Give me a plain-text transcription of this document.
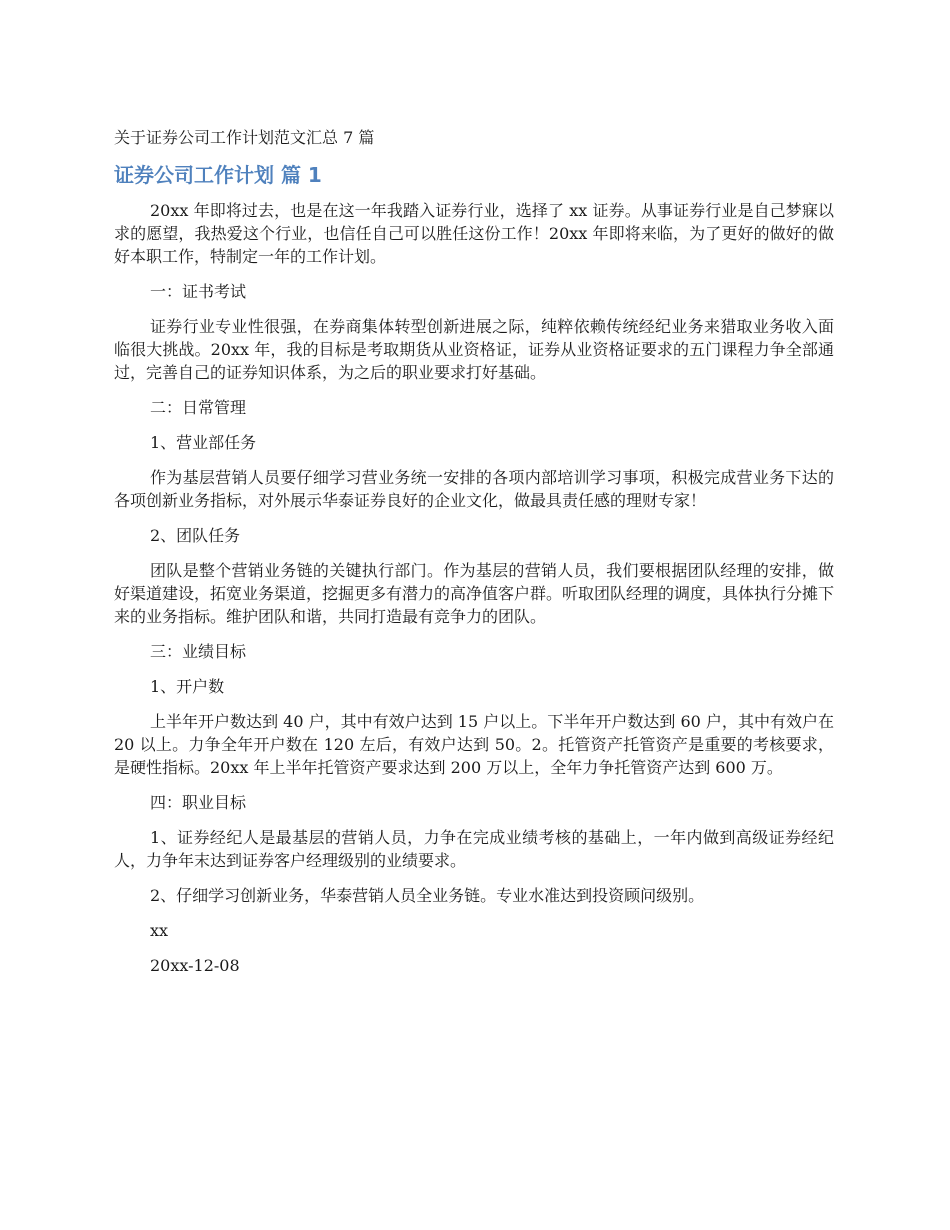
关于证券公司工作计划范文汇总 7 篇
证券公司工作计划 篇 1

20xx 年即将过去，也是在这一年我踏入证券行业，选择了 xx 证券。从事证券行业是自己梦寐以求的愿望，我热爱这个行业，也信任自己可以胜任这份工作！20xx 年即将来临，为了更好的做好的做好本职工作，特制定一年的工作计划。

一：证书考试

证券行业专业性很强，在券商集体转型创新进展之际，纯粹依赖传统经纪业务来猎取业务收入面临很大挑战。20xx 年，我的目标是考取期货从业资格证，证券从业资格证要求的五门课程力争全部通过，完善自己的证券知识体系，为之后的职业要求打好基础。

二：日常管理

1、营业部任务

作为基层营销人员要仔细学习营业务统一安排的各项内部培训学习事项，积极完成营业务下达的各项创新业务指标，对外展示华泰证券良好的企业文化，做最具责任感的理财专家！

2、团队任务

团队是整个营销业务链的关键执行部门。作为基层的营销人员，我们要根据团队经理的安排，做好渠道建设，拓宽业务渠道，挖掘更多有潜力的高净值客户群。听取团队经理的调度，具体执行分摊下来的业务指标。维护团队和谐，共同打造最有竞争力的团队。

三：业绩目标

1、开户数

上半年开户数达到 40 户，其中有效户达到 15 户以上。下半年开户数达到 60 户，其中有效户在 20 以上。力争全年开户数在 120 左后，有效户达到 50。2。托管资产托管资产是重要的考核要求，是硬性指标。20xx 年上半年托管资产要求达到 200 万以上，全年力争托管资产达到 600 万。

四：职业目标

1、证券经纪人是最基层的营销人员，力争在完成业绩考核的基础上，一年内做到高级证券经纪人，力争年末达到证券客户经理级别的业绩要求。

2、仔细学习创新业务，华泰营销人员全业务链。专业水准达到投资顾问级别。

xx

20xx-12-08
